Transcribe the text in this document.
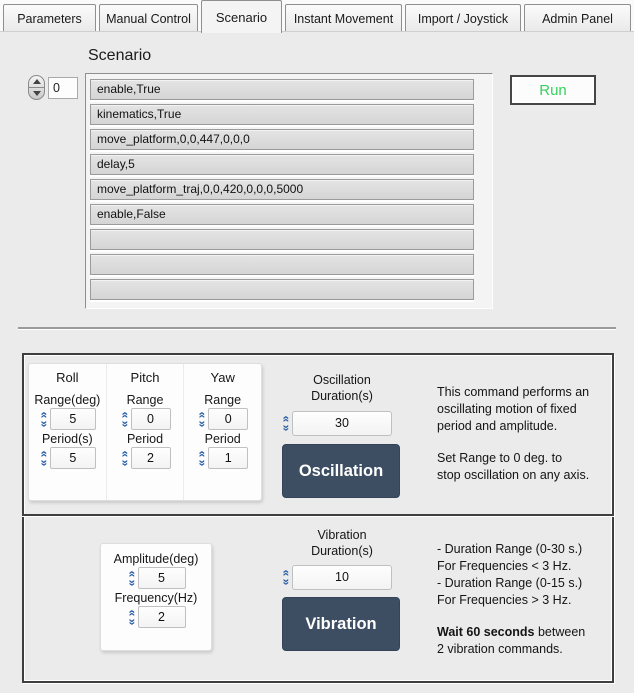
Parameters	Manual Control	Scenario	Instant Movement	Import / Joystick	Admin Panel
Scenario
0	enable,True
kinematics,True
move_platform,0,0,447,0,0,0
delay,5
move_platform_traj,0,0,420,0,0,0,5000
enable,False
Run
Roll
Range(deg)
«
»
5
Period(s)
«
»
5
Pitch
Range
«
»
0
Period
«
»
2
Yaw
Range
«
»
0
Period
«
»
1
Oscillation
Duration(s)
«
»
30
Oscillation
This command performs an
oscillating motion of fixed
period and amplitude.
Set Range to 0 deg. to
stop oscillation on any axis.
Amplitude(deg)
«
»
5
Frequency(Hz)
«
»
2
Vibration
Duration(s)
«
»
10
Vibration
- Duration Range (0-30 s.)
For Frequencies < 3 Hz.
- Duration Range (0-15 s.)
For Frequencies > 3 Hz.
Wait 60 seconds between
2 vibration commands.
